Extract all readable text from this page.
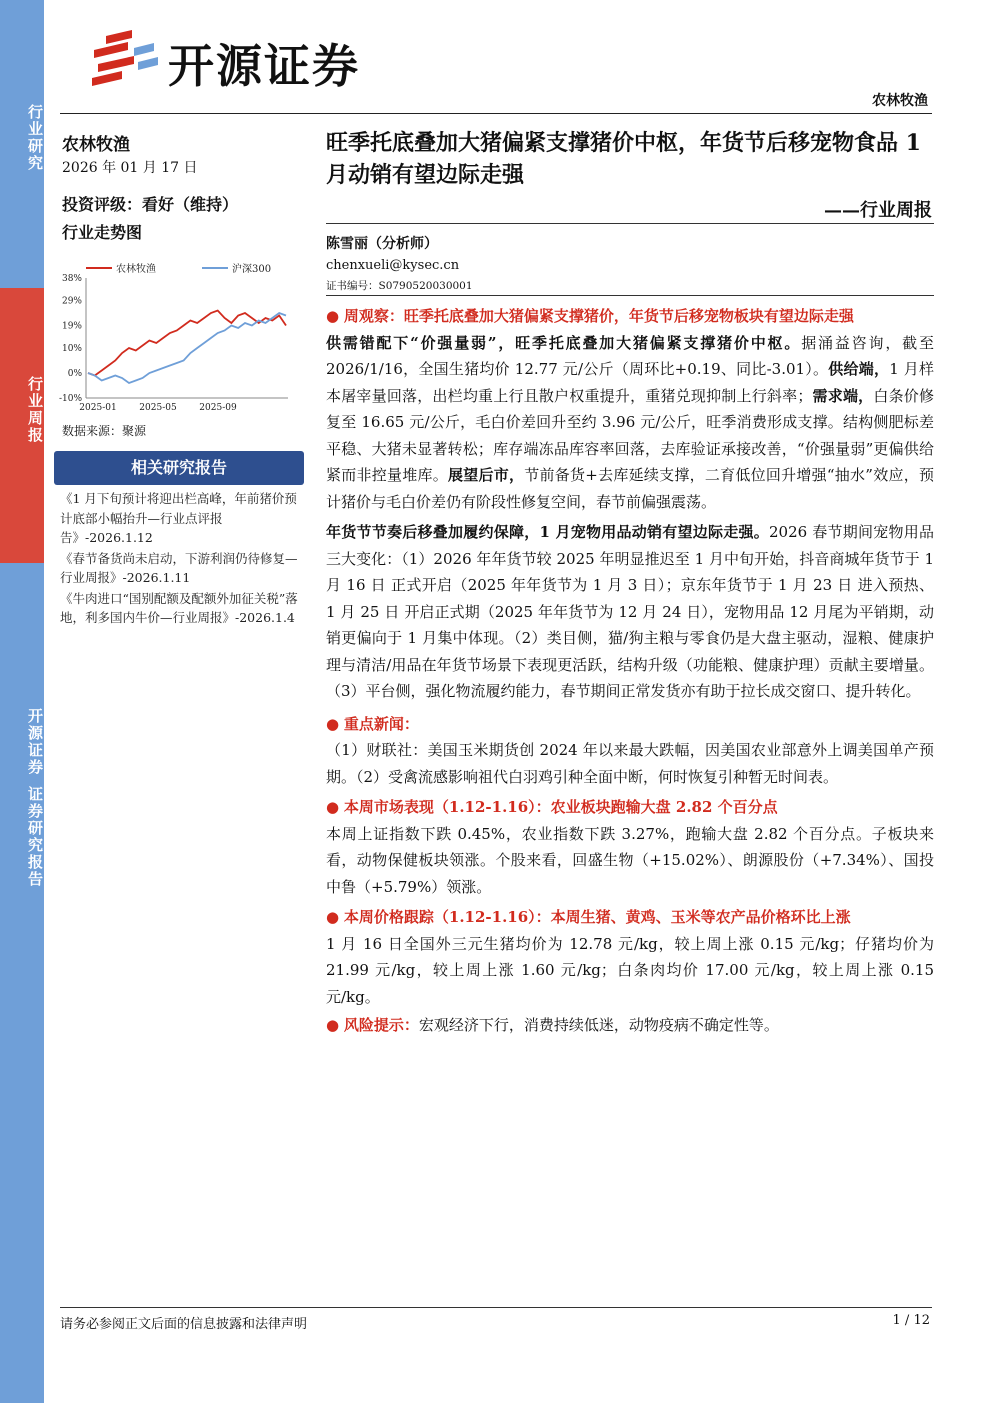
行业研究
行业周报
开源证券
证券研究报告
开源证券
农林牧渔
农林牧渔
2026 年 01 月 17 日
投资评级：看好（维持）
行业走势图
农林牧渔	沪深300
38%
29%
19%
10%
0%
-10%
2025-01	2025-05	2025-09
数据来源：聚源
相关研究报告

《1 月下旬预计将迎出栏高峰，年前猪价预计底部小幅抬升—行业点评报告》-2026.1.12

《春节备货尚未启动，下游利润仍待修复—行业周报》-2026.1.11

《牛肉进口“国别配额及配额外加征关税”落地，利多国内牛价—行业周报》-2026.1.4

旺季托底叠加大猪偏紧支撑猪价中枢，年货节后移宠物食品 1 月动销有望边际走强
——行业周报
陈雪丽（分析师）
chenxueli@kysec.cn
证书编号：S0790520030001

● 周观察：旺季托底叠加大猪偏紧支撑猪价，年货节后移宠物板块有望边际走强

供需错配下“价强量弱”，旺季托底叠加大猪偏紧支撑猪价中枢。据涌益咨询，截至 2026/1/16，全国生猪均价 12.77 元/公斤（周环比+0.19、同比-3.01）。供给端，1 月样本屠宰量回落，出栏均重上行且散户权重提升，重猪兑现抑制上行斜率；需求端，白条价修复至 16.65 元/公斤，毛白价差回升至约 3.96 元/公斤，旺季消费形成支撑。结构侧肥标差平稳、大猪未显著转松；库存端冻品库容率回落，去库验证承接改善，“价强量弱”更偏供给紧而非控量堆库。展望后市，节前备货+去库延续支撑，二育低位回升增强“抽水”效应，预计猪价与毛白价差仍有阶段性修复空间，春节前偏强震荡。

年货节节奏后移叠加履约保障，1 月宠物用品动销有望边际走强。2026 春节期间宠物用品三大变化：（1）2026 年年货节较 2025 年明显推迟至 1 月中旬开始，抖音商城年货节于 1 月 16 日 正式开启（2025 年年货节为 1 月 3 日）；京东年货节于 1 月 23 日 进入预热、 1 月 25 日 开启正式期（2025 年年货节为 12 月 24 日），宠物用品 12 月尾为平销期，动销更偏向于 1 月集中体现。（2）类目侧，猫/狗主粮与零食仍是大盘主驱动，湿粮、健康护理与清洁/用品在年货节场景下表现更活跃，结构升级（功能粮、健康护理）贡献主要增量。（3）平台侧，强化物流履约能力，春节期间正常发货亦有助于拉长成交窗口、提升转化。

● 重点新闻：

（1）财联社：美国玉米期货创 2024 年以来最大跌幅，因美国农业部意外上调美国单产预期。（2）受禽流感影响祖代白羽鸡引种全面中断，何时恢复引种暂无时间表。

● 本周市场表现（1.12-1.16）：农业板块跑输大盘 2.82 个百分点

本周上证指数下跌 0.45%，农业指数下跌 3.27%，跑输大盘 2.82 个百分点。子板块来看，动物保健板块领涨。个股来看，回盛生物（+15.02%）、朗源股份（+7.34%）、国投中鲁（+5.79%）领涨。

● 本周价格跟踪（1.12-1.16）：本周生猪、黄鸡、玉米等农产品价格环比上涨

1 月 16 日全国外三元生猪均价为 12.78 元/kg，较上周上涨 0.15 元/kg；仔猪均价为 21.99 元/kg，较上周上涨 1.60 元/kg；白条肉均价 17.00 元/kg，较上周上涨 0.15 元/kg。

● 风险提示：宏观经济下行，消费持续低迷，动物疫病不确定性等。

请务必参阅正文后面的信息披露和法律声明	1 / 12
